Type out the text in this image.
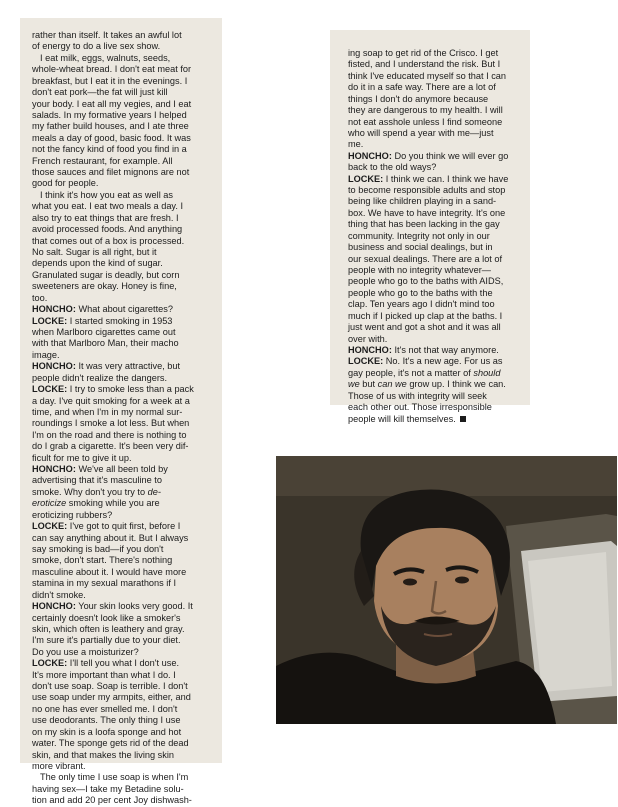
rather than itself. It takes an awful lot
of energy to do a live sex show.
I eat milk, eggs, walnuts, seeds,
whole-wheat bread. I don't eat meat for
breakfast, but I eat it in the evenings. I
don't eat pork—the fat will just kill
your body. I eat all my vegies, and I eat
salads. In my formative years I helped
my father build houses, and I ate three
meals a day of good, basic food. It was
not the fancy kind of food you find in a
French restaurant, for example. All
those sauces and filet mignons are not
good for people.
I think it's how you eat as well as
what you eat. I eat two meals a day. I
also try to eat things that are fresh. I
avoid processed foods. And anything
that comes out of a box is processed.
No salt. Sugar is all right, but it
depends upon the kind of sugar.
Granulated sugar is deadly, but corn
sweeteners are okay. Honey is fine,
too.
HONCHO: What about cigarettes?
LOCKE: I started smoking in 1953
when Marlboro cigarettes came out
with that Marlboro Man, their macho
image.
HONCHO: It was very attractive, but
people didn't realize the dangers.
LOCKE: I try to smoke less than a pack
a day. I've quit smoking for a week at a
time, and when I'm in my normal sur-
roundings I smoke a lot less. But when
I'm on the road and there is nothing to
do I grab a cigarette. It's been very dif-
ficult for me to give it up.
HONCHO: We've all been told by
advertising that it's masculine to
smoke. Why don't you try to de-
eroticize smoking while you are
eroticizing rubbers?
LOCKE: I've got to quit first, before I
can say anything about it. But I always
say smoking is bad—if you don't
smoke, don't start. There's nothing
masculine about it. I would have more
stamina in my sexual marathons if I
didn't smoke.
HONCHO: Your skin looks very good. It
certainly doesn't look like a smoker's
skin, which often is leathery and gray.
I'm sure it's partially due to your diet.
Do you use a moisturizer?
LOCKE: I'll tell you what I don't use.
It's more important than what I do. I
don't use soap. Soap is terrible. I don't
use soap under my armpits, either, and
no one has ever smelled me. I don't
use deodorants. The only thing I use
on my skin is a loofa sponge and hot
water. The sponge gets rid of the dead
skin, and that makes the living skin
more vibrant.
The only time I use soap is when I'm
having sex—I take my Betadine solu-
tion and add 20 per cent Joy dishwash-
ing soap to get rid of the Crisco. I get
fisted, and I understand the risk. But I
think I've educated myself so that I can
do it in a safe way. There are a lot of
things I don't do anymore because
they are dangerous to my health. I will
not eat asshole unless I find someone
who will spend a year with me—just
me.
HONCHO: Do you think we will ever go
back to the old ways?
LOCKE: I think we can. I think we have
to become responsible adults and stop
being like children playing in a sand-
box. We have to have integrity. It's one
thing that has been lacking in the gay
community. Integrity not only in our
business and social dealings, but in
our sexual dealings. There are a lot of
people with no integrity whatever—
people who go to the baths with AIDS,
people who go to the baths with the
clap. Ten years ago I didn't mind too
much if I picked up clap at the baths. I
just went and got a shot and it was all
over with.
HONCHO: It's not that way anymore.
LOCKE: No. It's a new age. For us as
gay people, it's not a matter of should
we but can we grow up. I think we can.
Those of us with integrity will seek
each other out. Those irresponsible
people will kill themselves.
